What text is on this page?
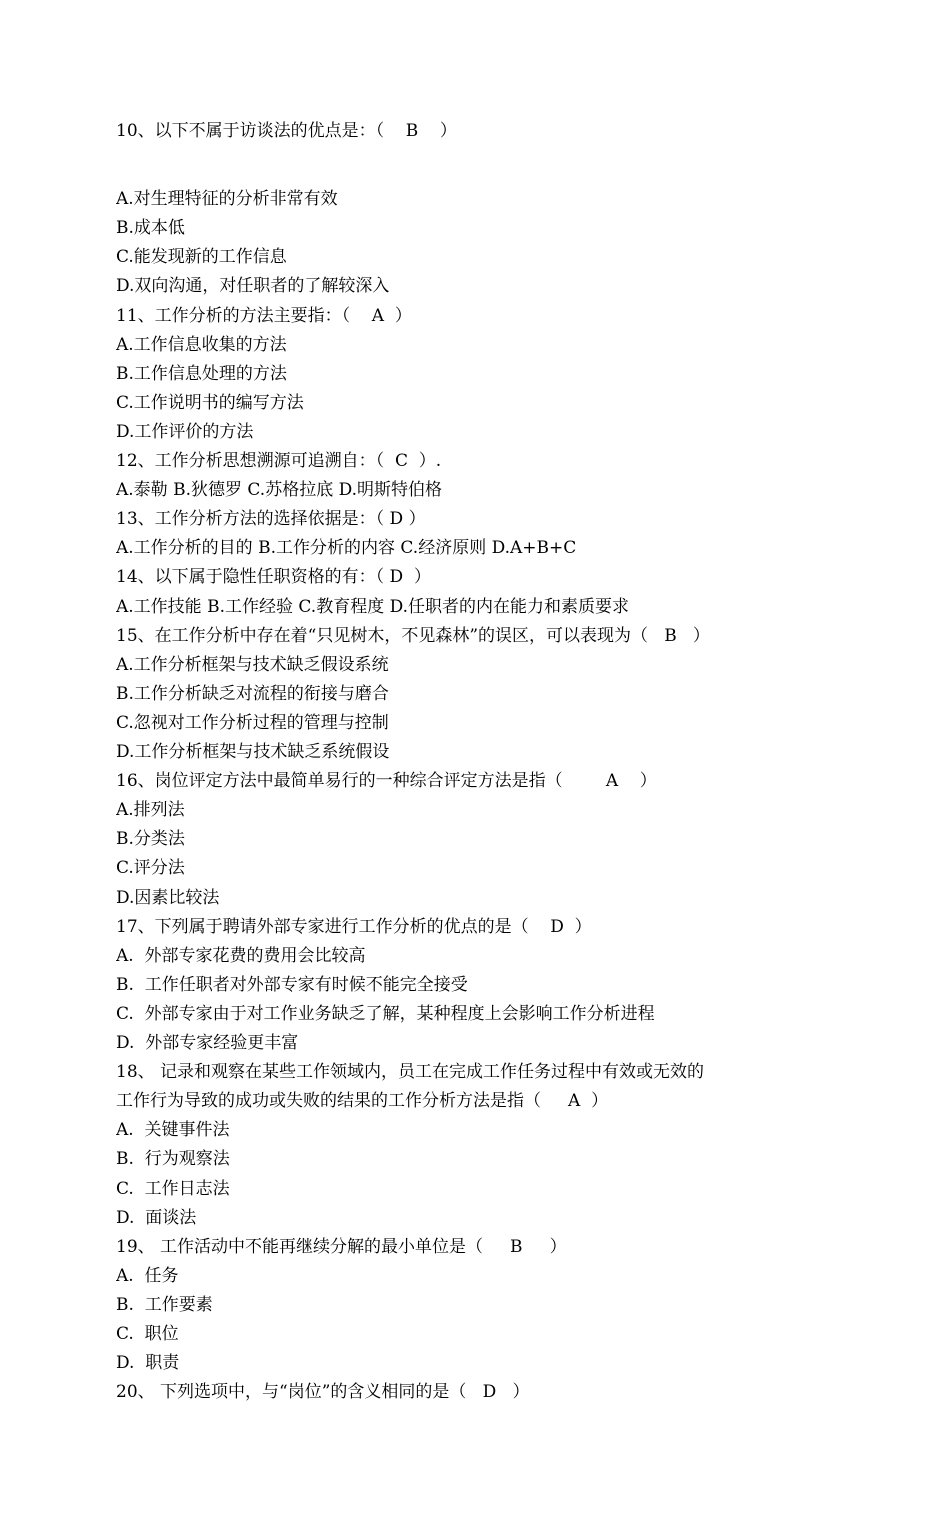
10、以下不属于访谈法的优点是：（    B    ）
A.对生理特征的分析非常有效
B.成本低
C.能发现新的工作信息
D.双向沟通，对任职者的了解较深入
11、工作分析的方法主要指：（    A  ）
A.工作信息收集的方法
B.工作信息处理的方法
C.工作说明书的编写方法
D.工作评价的方法
12、工作分析思想溯源可追溯自：（  C  ）.
A.泰勒 B.狄德罗 C.苏格拉底 D.明斯特伯格
13、工作分析方法的选择依据是：（ D ）
A.工作分析的目的 B.工作分析的内容 C.经济原则 D.A+B+C
14、以下属于隐性任职资格的有：（ D  ）
A.工作技能 B.工作经验 C.教育程度 D.任职者的内在能力和素质要求
15、在工作分析中存在着“只见树木，不见森林”的误区，可以表现为（   B   ）
A.工作分析框架与技术缺乏假设系统
B.工作分析缺乏对流程的衔接与磨合
C.忽视对工作分析过程的管理与控制
D.工作分析框架与技术缺乏系统假设
16、岗位评定方法中最简单易行的一种综合评定方法是指（        A    ）
A.排列法
B.分类法
C.评分法
D.因素比较法
17、下列属于聘请外部专家进行工作分析的优点的是（    D  ）
A.  外部专家花费的费用会比较高
B.  工作任职者对外部专家有时候不能完全接受
C.  外部专家由于对工作业务缺乏了解，某种程度上会影响工作分析进程
D.  外部专家经验更丰富
18、 记录和观察在某些工作领域内，员工在完成工作任务过程中有效或无效的
工作行为导致的成功或失败的结果的工作分析方法是指（     A  ）
A.  关键事件法
B.  行为观察法
C.  工作日志法
D.  面谈法
19、 工作活动中不能再继续分解的最小单位是（     B     ）
A.  任务
B.  工作要素
C.  职位
D.  职责
20、 下列选项中，与“岗位”的含义相同的是（   D   ）
